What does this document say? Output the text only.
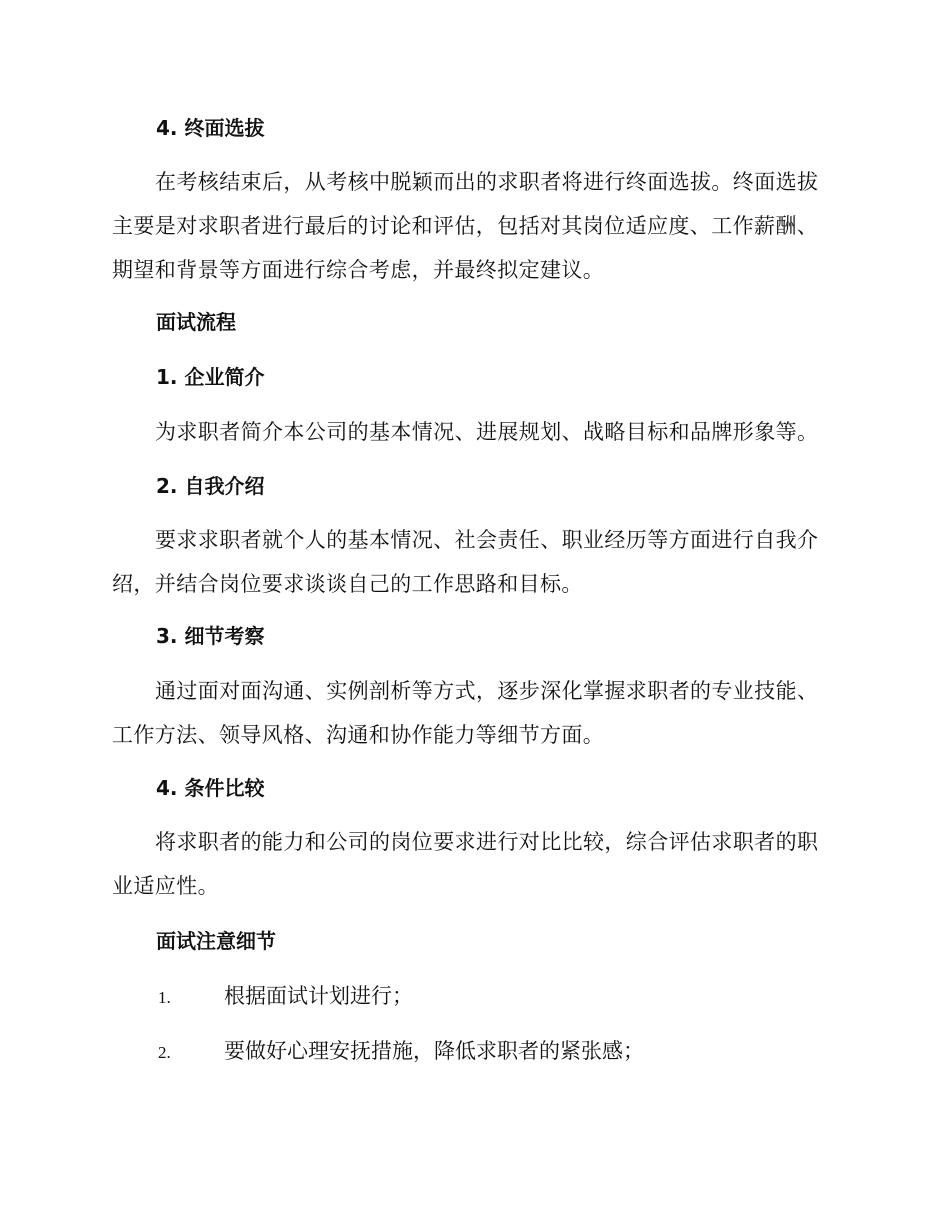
4. 终面选拔
在考核结束后，从考核中脱颖而出的求职者将进行终面选拔。终面选拔主要是对求职者进行最后的讨论和评估，包括对其岗位适应度、工作薪酬、期望和背景等方面进行综合考虑，并最终拟定建议。
面试流程
1. 企业简介
为求职者简介本公司的基本情况、进展规划、战略目标和品牌形象等。
2. 自我介绍
要求求职者就个人的基本情况、社会责任、职业经历等方面进行自我介绍，并结合岗位要求谈谈自己的工作思路和目标。
3. 细节考察
通过面对面沟通、实例剖析等方式，逐步深化掌握求职者的专业技能、工作方法、领导风格、沟通和协作能力等细节方面。
4. 条件比较
将求职者的能力和公司的岗位要求进行对比比较，综合评估求职者的职业适应性。
面试注意细节
1.	根据面试计划进行；
2.	要做好心理安抚措施，降低求职者的紧张感；
